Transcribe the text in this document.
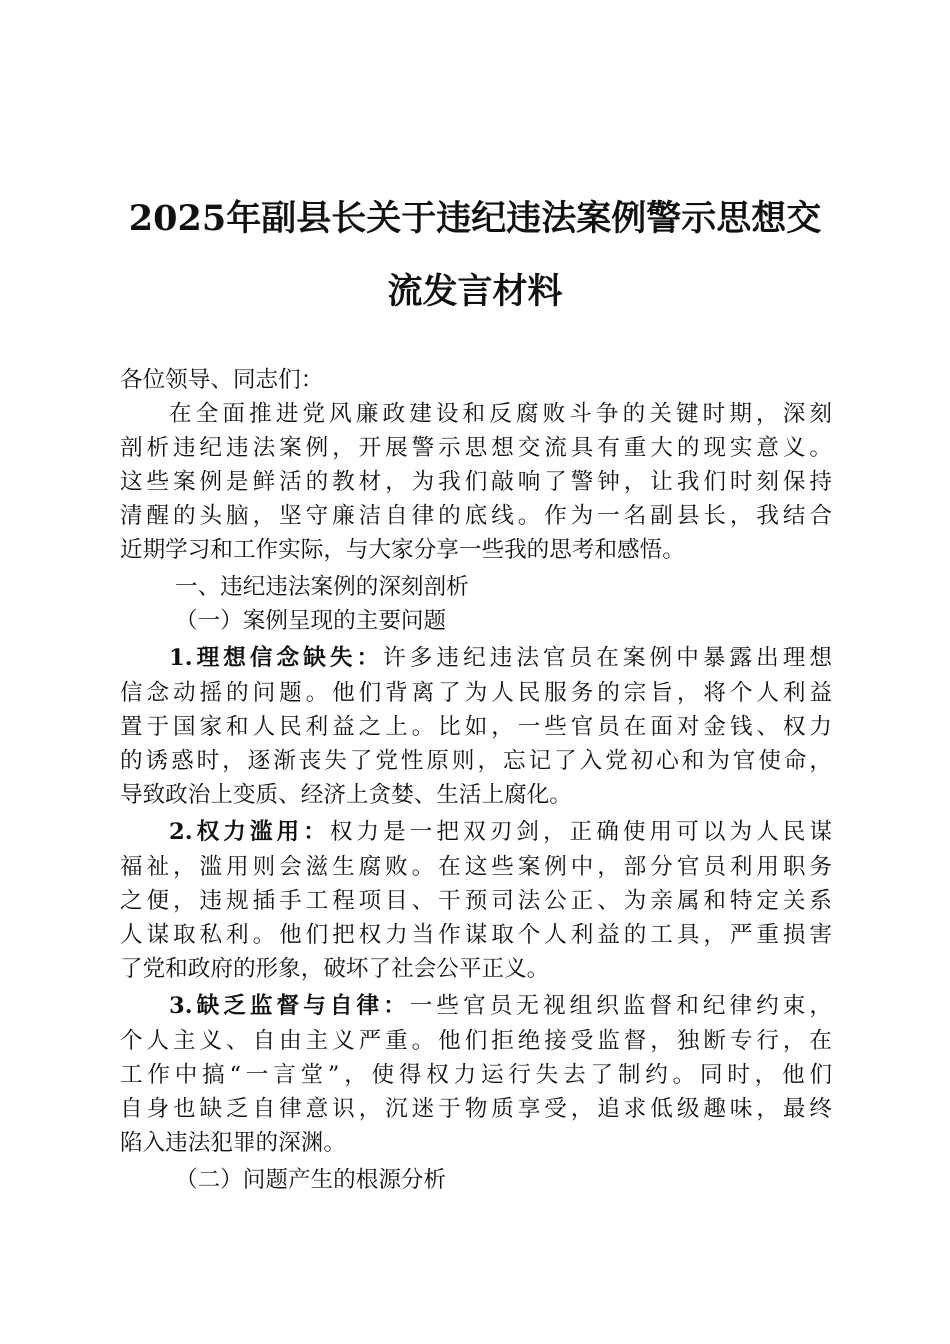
2025年副县长关于违纪违法案例警示思想交
流发言材料

各位领导、同志们：

在全面推进党风廉政建设和反腐败斗争的关键时期，深刻

剖析违纪违法案例，开展警示思想交流具有重大的现实意义。

这些案例是鲜活的教材，为我们敲响了警钟，让我们时刻保持

清醒的头脑，坚守廉洁自律的底线。作为一名副县长，我结合

近期学习和工作实际，与大家分享一些我的思考和感悟。

一、违纪违法案例的深刻剖析

（一）案例呈现的主要问题

1.理想信念缺失：许多违纪违法官员在案例中暴露出理想

信念动摇的问题。他们背离了为人民服务的宗旨，将个人利益

置于国家和人民利益之上。比如，一些官员在面对金钱、权力

的诱惑时，逐渐丧失了党性原则，忘记了入党初心和为官使命，

导致政治上变质、经济上贪婪、生活上腐化。

2.权力滥用：权力是一把双刃剑，正确使用可以为人民谋

福祉，滥用则会滋生腐败。在这些案例中，部分官员利用职务

之便，违规插手工程项目、干预司法公正、为亲属和特定关系

人谋取私利。他们把权力当作谋取个人利益的工具，严重损害

了党和政府的形象，破坏了社会公平正义。

3.缺乏监督与自律：一些官员无视组织监督和纪律约束，

个人主义、自由主义严重。他们拒绝接受监督，独断专行，在

工作中搞“一言堂”，使得权力运行失去了制约。同时，他们

自身也缺乏自律意识，沉迷于物质享受，追求低级趣味，最终

陷入违法犯罪的深渊。

（二）问题产生的根源分析
